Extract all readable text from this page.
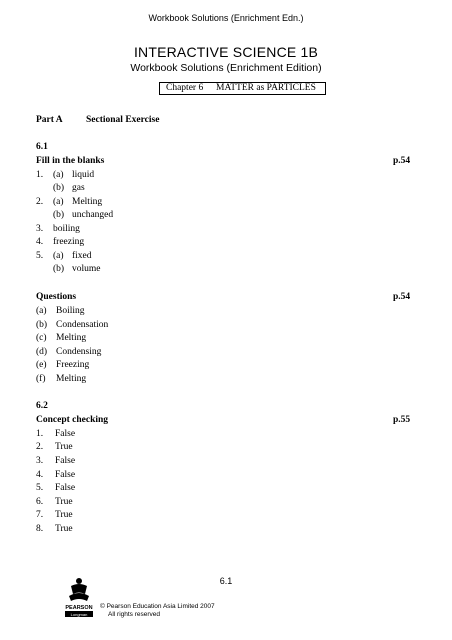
Workbook Solutions (Enrichment Edn.)
INTERACTIVE SCIENCE 1B
Workbook Solutions (Enrichment Edition)
Chapter 6 MATTER as PARTICLES
Part A Sectional Exercise
6.1
Fill in the blanks	p.54
1. (a) liquid
(b) gas
2. (a) Melting
(b) unchanged
3. boiling
4. freezing
5. (a) fixed
(b) volume
Questions	p.54
(a) Boiling
(b) Condensation
(c) Melting
(d) Condensing
(e) Freezing
(f) Melting
6.2
Concept checking	p.55
1. False
2. True
3. False
4. False
5. False
6. True
7. True
8. True
6.1
PEARSON
Longman
© Pearson Education Asia Limited 2007
All rights reserved
